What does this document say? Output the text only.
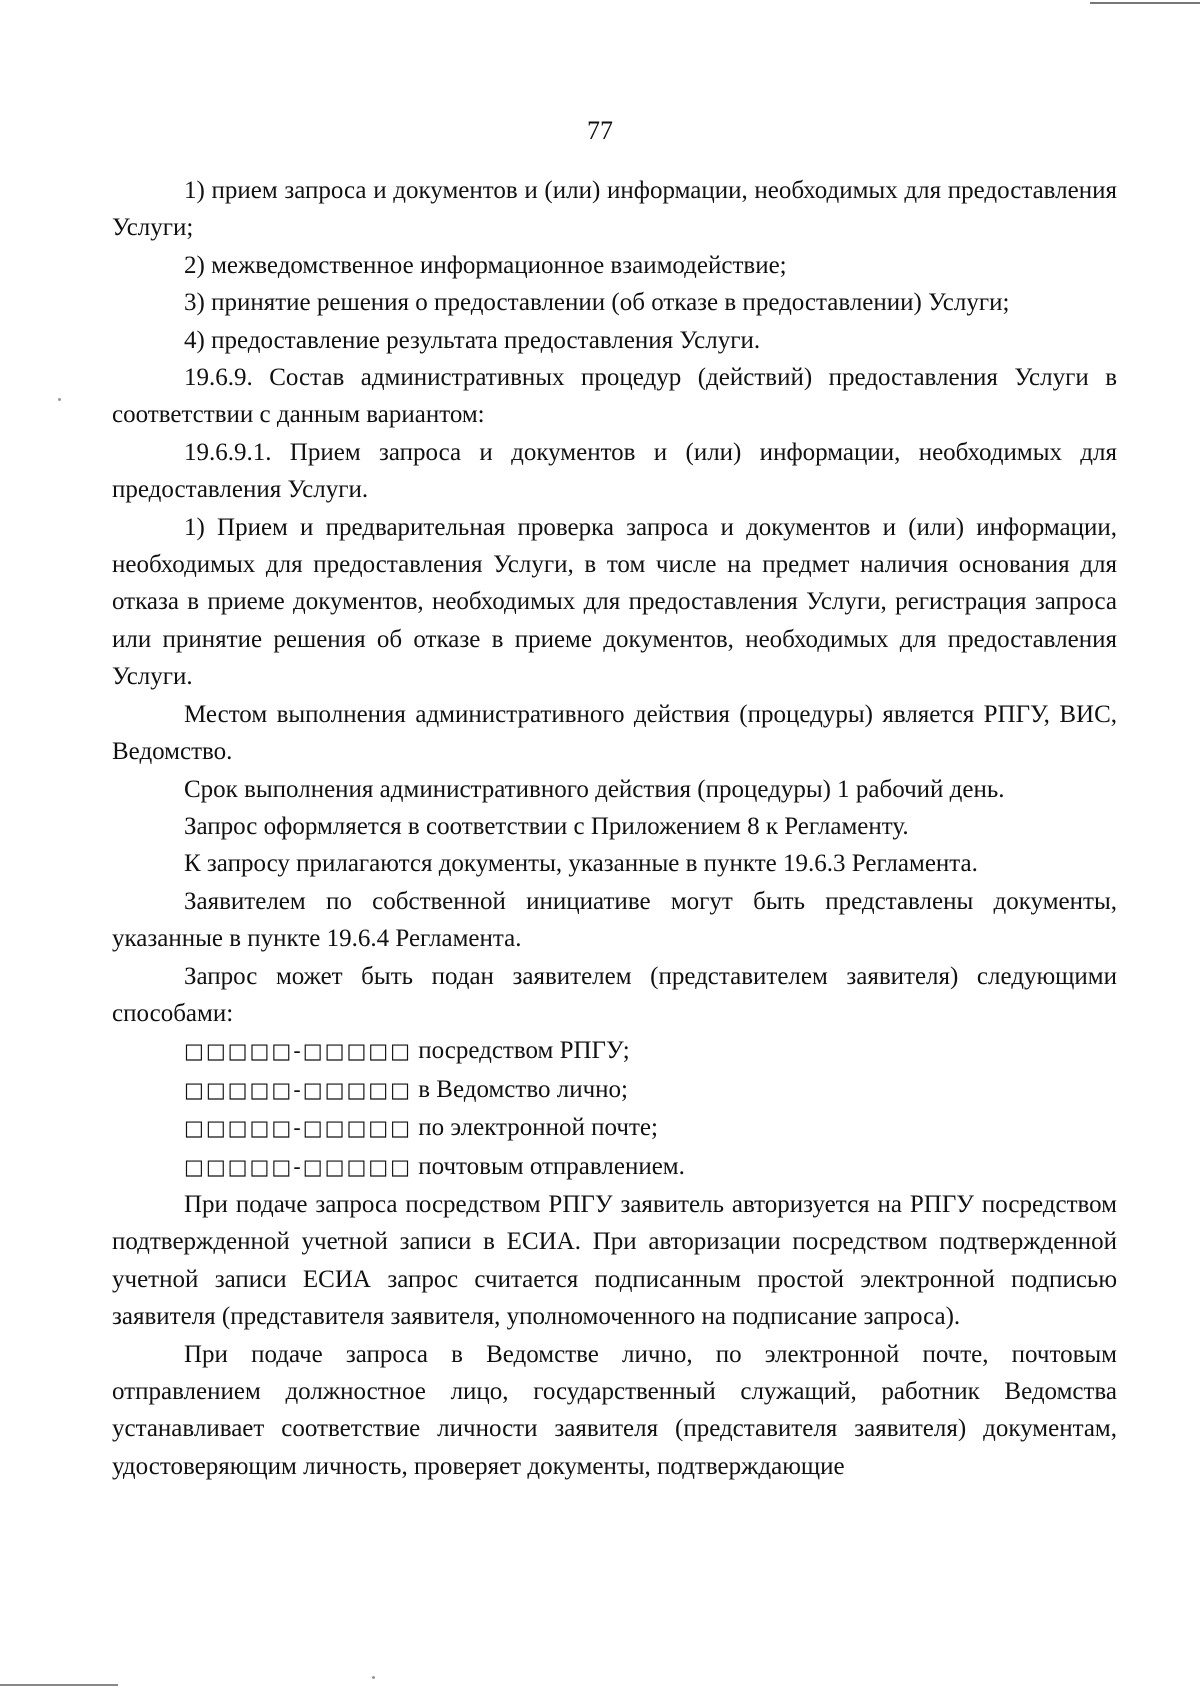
77

1) прием запроса и документов и (или) информации, необходимых для предоставления Услуги;

2) межведомственное информационное взаимодействие;

3) принятие решения о предоставлении (об отказе в предоставлении) Услуги;

4) предоставление результата предоставления Услуги.

19.6.9. Состав административных процедур (действий) предоставления Услуги в соответствии с данным вариантом:

19.6.9.1. Прием запроса и документов и (или) информации, необходимых для предоставления Услуги.

1) Прием и предварительная проверка запроса и документов и (или) информации, необходимых для предоставления Услуги, в том числе на предмет наличия основания для отказа в приеме документов, необходимых для предоставления Услуги, регистрация запроса или принятие решения об отказе в приеме документов, необходимых для предоставления Услуги.

Местом выполнения административного действия (процедуры) является РПГУ, ВИС, Ведомство.

Срок выполнения административного действия (процедуры) 1 рабочий день.

Запрос оформляется в соответствии с Приложением 8 к Регламенту.

К запросу прилагаются документы, указанные в пункте 19.6.3 Регламента.

Заявителем по собственной инициативе могут быть представлены документы, указанные в пункте 19.6.4 Регламента.

Запрос может быть подан заявителем (представителем заявителя) следующими способами:

□□□□□-□□□□□ посредством РПГУ;

□□□□□-□□□□□ в Ведомство лично;

□□□□□-□□□□□ по электронной почте;

□□□□□-□□□□□ почтовым отправлением.

При подаче запроса посредством РПГУ заявитель авторизуется на РПГУ посредством подтвержденной учетной записи в ЕСИА. При авторизации посредством подтвержденной учетной записи ЕСИА запрос считается подписанным простой электронной подписью заявителя (представителя заявителя, уполномоченного на подписание запроса).

При подаче запроса в Ведомстве лично, по электронной почте, почтовым отправлением должностное лицо, государственный служащий, работник Ведомства устанавливает соответствие личности заявителя (представителя заявителя) документам, удостоверяющим личность, проверяет документы, подтверждающие
